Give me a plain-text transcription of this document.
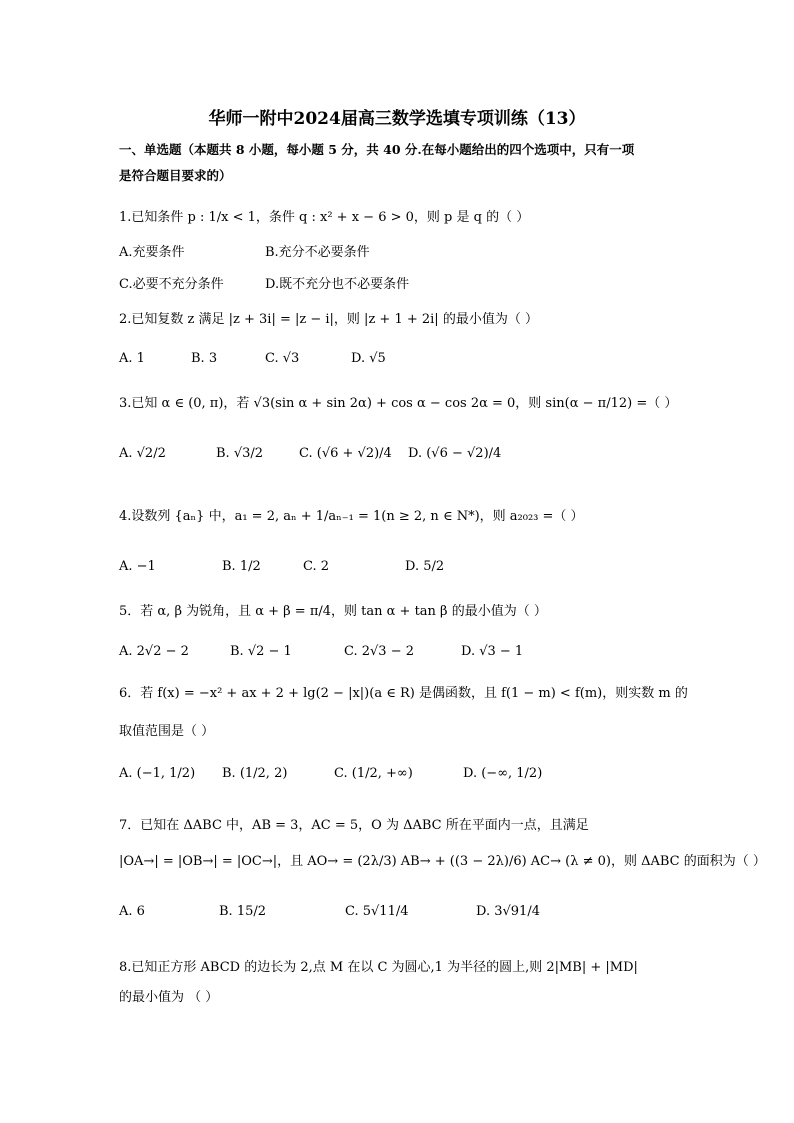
华师一附中2024届高三数学选填专项训练（13）
一、单选题（本题共 8 小题，每小题 5 分，共 40 分.在每小题给出的四个选项中，只有一项
是符合题目要求的）
1.已知条件 p : 1/x < 1，条件 q : x² + x − 6 > 0，则 p 是 q 的（ ）
A.充要条件	B.充分不必要条件
C.必要不充分条件	D.既不充分也不必要条件
2.已知复数 z 满足 |z + 3i| = |z − i|，则 |z + 1 + 2i| 的最小值为（ ）
A. 1	B. 3	C. √3	D. √5
3.已知 α ∈ (0, π)，若 √3(sin α + sin 2α) + cos α − cos 2α = 0，则 sin(α − π/12) =（ ）
A. √2/2	B. √3/2	C. (√6 + √2)/4 D. (√6 − √2)/4
4.设数列 {aₙ} 中，a₁ = 2, aₙ + 1/aₙ₋₁ = 1(n ≥ 2, n ∈ N*)，则 a₂₀₂₃ =（ ）
A. −1	B. 1/2	C. 2	D. 5/2
5．若 α, β 为锐角，且 α + β = π/4，则 tan α + tan β 的最小值为（ ）
A. 2√2 − 2	B. √2 − 1	C. 2√3 − 2	D. √3 − 1
6．若 f(x) = −x² + ax + 2 + lg(2 − |x|)(a ∈ R) 是偶函数，且 f(1 − m) < f(m)，则实数 m 的
取值范围是（ ）
A. (−1, 1/2) B. (1/2, 2)	C. (1/2, +∞)	D. (−∞, 1/2)
7．已知在 ΔABC 中，AB = 3，AC = 5，O 为 ΔABC 所在平面内一点，且满足
|OA→| = |OB→| = |OC→|，且 AO→ = (2λ/3) AB→ + ((3 − 2λ)/6) AC→ (λ ≠ 0)，则 ΔABC 的面积为（ ）
A. 6	B. 15/2	C. 5√11/4	D. 3√91/4
8.已知正方形 ABCD 的边长为 2,点 M 在以 C 为圆心,1 为半径的圆上,则 2|MB| + |MD|
的最小值为 （ ）
